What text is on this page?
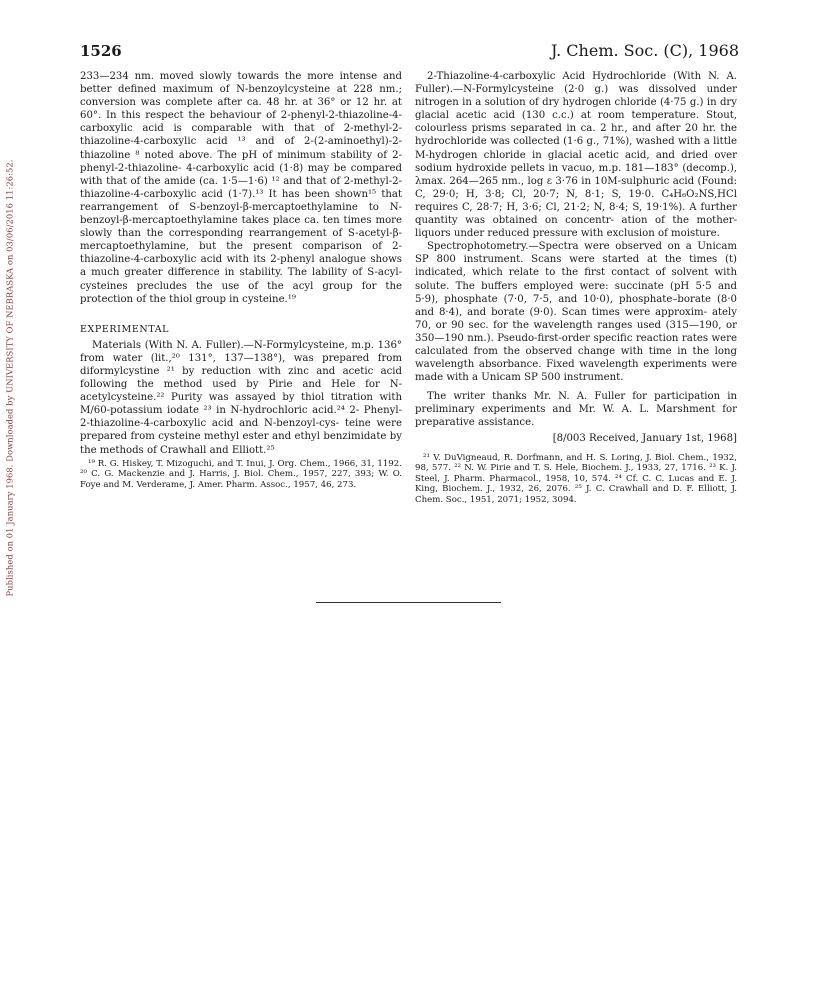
Published on 01 January 1968. Downloaded by UNIVERSITY OF NEBRASKA on 03/06/2016 11:26:52.
1526	J. Chem. Soc. (C), 1968

233—234 nm. moved slowly towards the more intense and better defined maximum of N-benzoylcysteine at 228 nm.; conversion was complete after ca. 48 hr. at 36° or 12 hr. at 60°. In this respect the behaviour of 2-phenyl-2-thiazoline-4-carboxylic acid is comparable with that of 2-methyl-2-thiazoline-4-carboxylic acid ¹³ and of 2-(2-aminoethyl)-2-thiazoline ⁸ noted above. The pH of minimum stability of 2-phenyl-2-thiazoline- 4-carboxylic acid (1·8) may be compared with that of the amide (ca. 1·5—1·6) ¹² and that of 2-methyl-2- thiazoline-4-carboxylic acid (1·7).¹³ It has been shown¹⁵ that rearrangement of S-benzoyl-β-mercaptoethylamine to N-benzoyl-β-mercaptoethylamine takes place ca. ten times more slowly than the corresponding rearrangement of S-acetyl-β-mercaptoethylamine, but the present comparison of 2-thiazoline-4-carboxylic acid with its 2-phenyl analogue shows a much greater difference in stability. The lability of S-acyl-cysteines precludes the use of the acyl group for the protection of the thiol group in cysteine.¹⁹

EXPERIMENTAL

Materials (With N. A. Fuller).—N-Formylcysteine, m.p. 136° from water (lit.,²⁰ 131°, 137—138°), was prepared from diformylcystine ²¹ by reduction with zinc and acetic acid following the method used by Pirie and Hele for N- acetylcysteine.²² Purity was assayed by thiol titration with M/60-potassium iodate ²³ in N-hydrochloric acid.²⁴ 2- Phenyl-2-thiazoline-4-carboxylic acid and N-benzoyl-cys- teine were prepared from cysteine methyl ester and ethyl benzimidate by the methods of Crawhall and Elliott.²⁵

¹⁹ R. G. Hiskey, T. Mizoguchi, and T. Inui, J. Org. Chem., 1966, 31, 1192. ²⁰ C. G. Mackenzie and J. Harris, J. Biol. Chem., 1957, 227, 393; W. O. Foye and M. Verderame, J. Amer. Pharm. Assoc., 1957, 46, 273.

2-Thiazoline-4-carboxylic Acid Hydrochloride (With N. A. Fuller).—N-Formylcysteine (2·0 g.) was dissolved under nitrogen in a solution of dry hydrogen chloride (4·75 g.) in dry glacial acetic acid (130 c.c.) at room temperature. Stout, colourless prisms separated in ca. 2 hr., and after 20 hr. the hydrochloride was collected (1·6 g., 71%), washed with a little M-hydrogen chloride in glacial acetic acid, and dried over sodium hydroxide pellets in vacuo, m.p. 181—183° (decomp.), λmax. 264—265 nm., log ε 3·76 in 10M-sulphuric acid (Found: C, 29·0; H, 3·8; Cl, 20·7; N, 8·1; S, 19·0. C₄H₆O₂NS,HCl requires C, 28·7; H, 3·6; Cl, 21·2; N, 8·4; S, 19·1%). A further quantity was obtained on concentr- ation of the mother-liquors under reduced pressure with exclusion of moisture.

Spectrophotometry.—Spectra were observed on a Unicam SP 800 instrument. Scans were started at the times (t) indicated, which relate to the first contact of solvent with solute. The buffers employed were: succinate (pH 5·5 and 5·9), phosphate (7·0, 7·5, and 10·0), phosphate–borate (8·0 and 8·4), and borate (9·0). Scan times were approxim- ately 70, or 90 sec. for the wavelength ranges used (315—190, or 350—190 nm.). Pseudo-first-order specific reaction rates were calculated from the observed change with time in the long wavelength absorbance. Fixed wavelength experiments were made with a Unicam SP 500 instrument.

The writer thanks Mr. N. A. Fuller for participation in preliminary experiments and Mr. W. A. L. Marshment for preparative assistance.

[8/003 Received, January 1st, 1968]

²¹ V. DuVigneaud, R. Dorfmann, and H. S. Loring, J. Biol. Chem., 1932, 98, 577. ²² N. W. Pirie and T. S. Hele, Biochem. J., 1933, 27, 1716. ²³ K. J. Steel, J. Pharm. Pharmacol., 1958, 10, 574. ²⁴ Cf. C. C. Lucas and E. J. King, Biochem. J., 1932, 26, 2076. ²⁵ J. C. Crawhall and D. F. Elliott, J. Chem. Soc., 1951, 2071; 1952, 3094.
